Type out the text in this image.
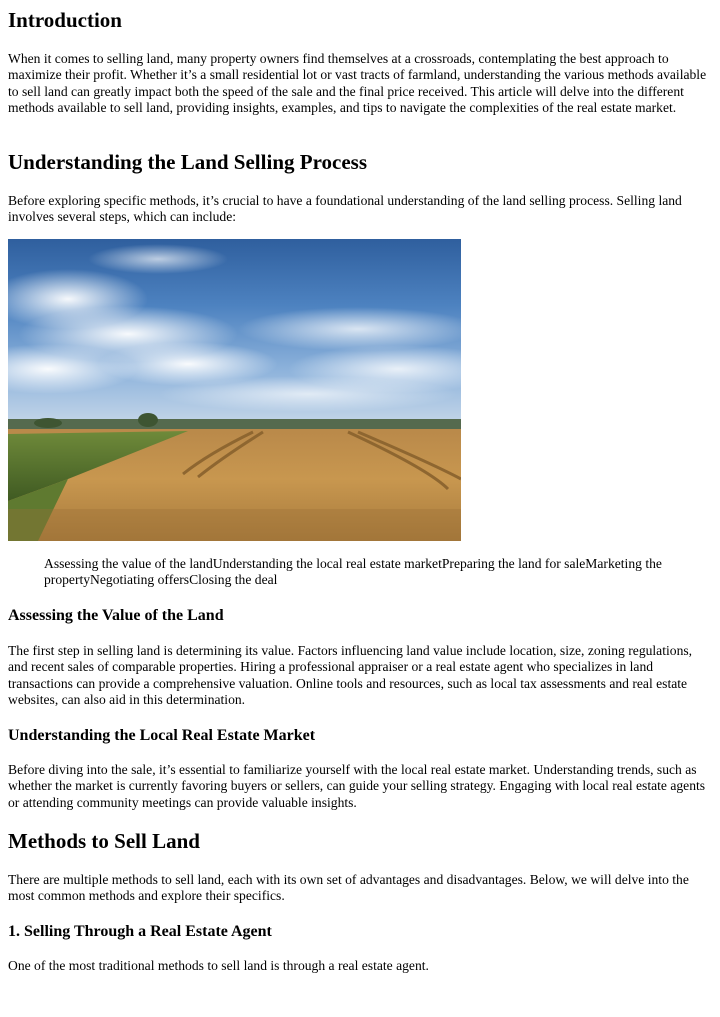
Introduction

When it comes to selling land, many property owners find themselves at a crossroads, contemplating the best approach to maximize their profit. Whether it’s a small residential lot or vast tracts of farmland, understanding the various methods available to sell land can greatly impact both the speed of the sale and the final price received. This article will delve into the different methods available to sell land, providing insights, examples, and tips to navigate the complexities of the real estate market.

Understanding the Land Selling Process

Before exploring specific methods, it’s crucial to have a foundational understanding of the land selling process. Selling land involves several steps, which can include:

Assessing the value of the landUnderstanding the local real estate marketPreparing the land for saleMarketing the propertyNegotiating offersClosing the deal

Assessing the Value of the Land

The first step in selling land is determining its value. Factors influencing land value include location, size, zoning regulations, and recent sales of comparable properties. Hiring a professional appraiser or a real estate agent who specializes in land transactions can provide a comprehensive valuation. Online tools and resources, such as local tax assessments and real estate websites, can also aid in this determination.

Understanding the Local Real Estate Market

Before diving into the sale, it’s essential to familiarize yourself with the local real estate market. Understanding trends, such as whether the market is currently favoring buyers or sellers, can guide your selling strategy. Engaging with local real estate agents or attending community meetings can provide valuable insights.

Methods to Sell Land

There are multiple methods to sell land, each with its own set of advantages and disadvantages. Below, we will delve into the most common methods and explore their specifics.

1. Selling Through a Real Estate Agent

One of the most traditional methods to sell land is through a real estate agent.
